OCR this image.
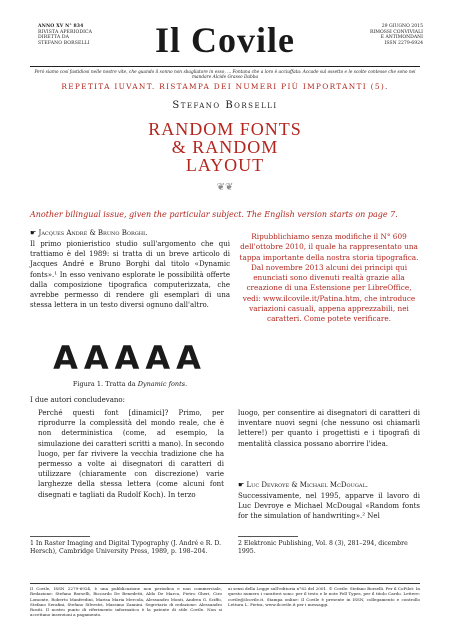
ANNO XV N° 834
RIVISTA APERIODICA
DIRETTA DA
STEFANO BORSELLI	Il Covile	29 GIUGNO 2015
RIMOSSI CONVIVIALI
E ANTIMONDANI
ISSN 2279-6924
Però siamo cosí fastidiosi nelle nostre vite, che quando il sonno non sbagliatore in esso, ... Fontana che a loro è acciuffata: Accade sul ossetto e le scolte contesse che sono nei mandare Alcide Grasso Dabba
REPETITA IUVANT. RISTAMPA DEI NUMERI PIÙ IMPORTANTI (5).
Stefano Borselli
RANDOM FONTS
& RANDOM
LAYOUT
❦❦
Another bilingual issue, given the particular subject. The English version starts on page 7.
☛ Jacques André & Bruno Borghi.
Il primo pionieristico studio sull'argomento che qui trattiamo è del 1989: si tratta di un breve articolo di Jacques André e Bruno Borghi dal titolo «Dynamic fonts».¹ In esso venivano esplorate le possibilità offerte dalla composizione tipografica computerizzata, che avrebbe permesso di rendere gli esemplari di una stessa lettera in un testo diversi ognuno dall'altro.
Ripubblichiamo senza modifiche il N° 609 dell'ottobre 2010, il quale ha rappresentato una tappa importante della nostra storia tipografica. Dal novembre 2013 alcuni dei principi qui enunciati sono divenuti realtà grazie alla creazione di una Estensione per LibreOffice, vedi: www.ilcovile.it/Patina.htm, che introduce variazioni casuali, appena apprezzabili, nei caratteri. Come potete verificare.
AAAAA
Figura 1. Tratta da Dynamic fonts.
I due autori concludevano:
Perché questi font [dinamici]? Primo, per riprodurre la complessità del mondo reale, che è non deterministica (come, ad esempio, la simulazione dei caratteri scritti a mano). In secondo luogo, per far rivivere la vecchia tradizione che ha permesso a volte ai disegnatori di caratteri di utilizzare (chiaramente con discrezione) varie larghezze della stessa lettera (come alcuni font disegnati e tagliati da Rudolf Koch). In terzo
luogo, per consentire ai disegnatori di caratteri di inventare nuovi segni (che nessuno osi chiamarli lettere!) per quanto i progettisti e i tipografi di mentalità classica possano aborrire l'idea.
☛ Luc Devroye & Michael McDougal.
Successivamente, nel 1995, apparve il lavoro di Luc Devroye e Michael McDougal «Random fonts for the simulation of handwriting».² Nel
1 In Raster Imaging and Digital Typography (J. André e R. D. Hersch), Cambridge University Press, 1989, p. 198–204.
2 Elektronic Publishing, Vol. 8 (3), 281–294, dicembre 1995.
Il Covile, ISSN 2279-6924, è una pubblicazione non periodica e non commerciale, Redazione: Stefano Borselli, Riccardo De Benedetti, Aldo De Marco, Pietro Gheri, Ciro Lomonte, Roberto Manfredini, Marisa Maria Mercola, Alessandro Monti, Andrea G. Sciffo, Stefano Serafini, Stefano Silvestri, Massimo Zannini. Segretario di redazione: Alessandro Rositi. Il nostro punto di riferimento informatico è la patente di stile Covile. Non si accettano inserzioni a pagamento.
ai sensi della Legge sull'editoria n°62 del 2001. © Covile: Stefano Borselli. Per il CoPilot: In questo numero i caratteri sono: per il testo e le note Fell Types, per il titolo Cardo. Lettere: covile@ilcovile.it. Stampa online: Il Covile è presente in ISSN, collegamento e controllo Lettura L. Pietra, www.ilcovile.it per i messaggi.
